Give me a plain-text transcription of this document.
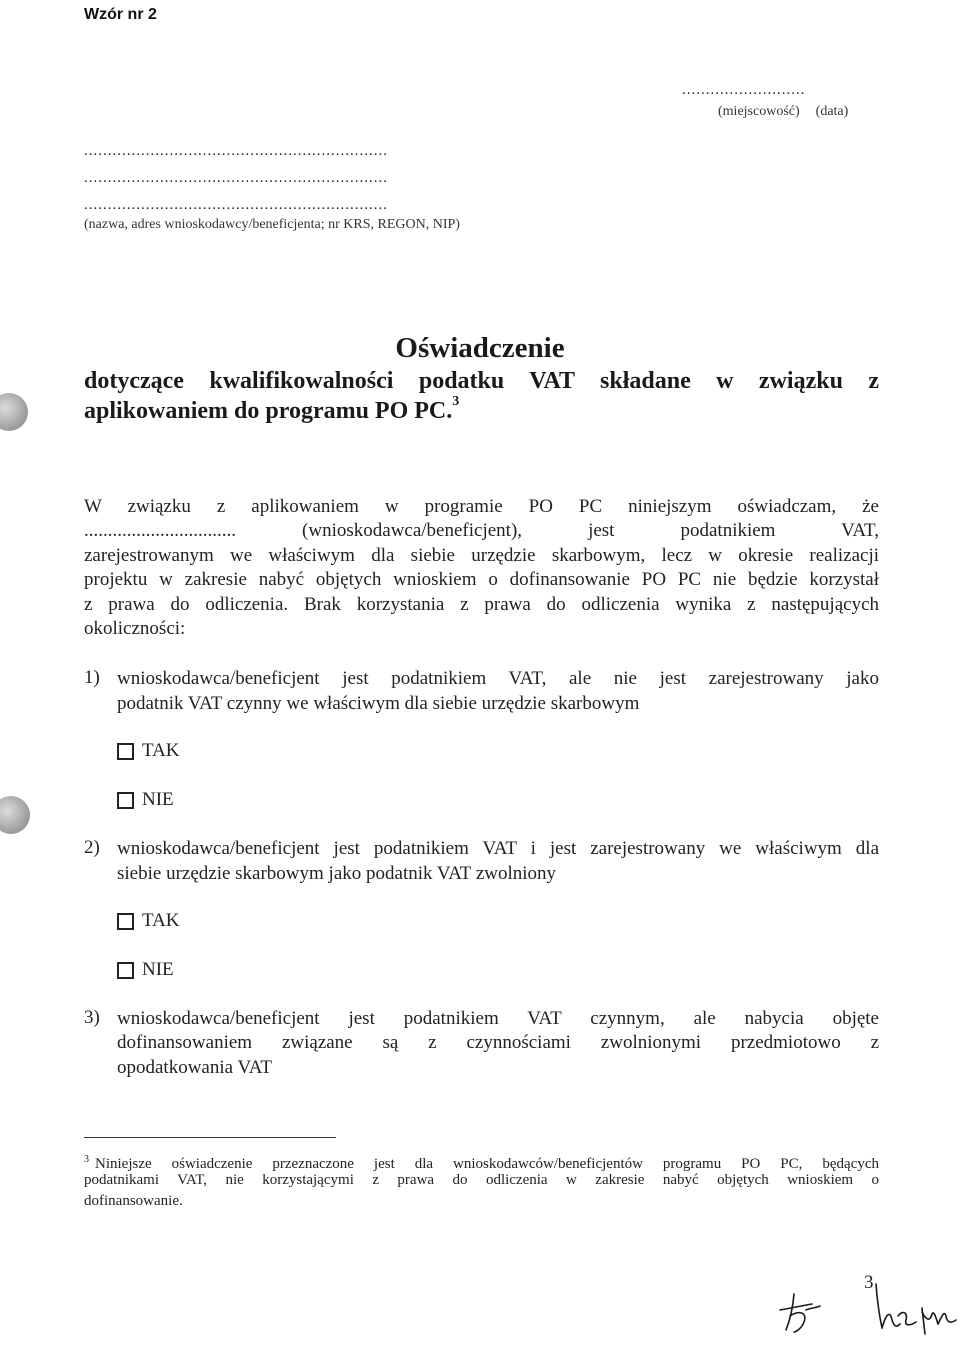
Wzór nr 2
..........................
(miejscowość) (data)
................................................................
................................................................
................................................................
(nazwa, adres wnioskodawcy/beneficjenta; nr KRS, REGON, NIP)
Oświadczenie
dotyczące kwalifikowalności podatku VAT składane w związku z
aplikowaniem do programu PO PC.$^3$
W związku z aplikowaniem w programie PO PC niniejszym oświadczam, że
................................ (wnioskodawca/beneficjent), jest podatnikiem VAT,
zarejestrowanym we właściwym dla siebie urzędzie skarbowym, lecz w okresie realizacji
projektu w zakresie nabyć objętych wnioskiem o dofinansowanie PO PC nie będzie korzystał
z prawa do odliczenia. Brak korzystania z prawa do odliczenia wynika z następujących
okoliczności:
1) wnioskodawca/beneficjent jest podatnikiem VAT, ale nie jest zarejestrowany jako
podatnik VAT czynny we właściwym dla siebie urzędzie skarbowym
TAK
NIE
2) wnioskodawca/beneficjent jest podatnikiem VAT i jest zarejestrowany we właściwym dla
siebie urzędzie skarbowym jako podatnik VAT zwolniony
TAK
NIE
3) wnioskodawca/beneficjent jest podatnikiem VAT czynnym, ale nabycia objęte
dofinansowaniem związane są z czynnościami zwolnionymi przedmiotowo z
opodatkowania VAT
$^3$ Niniejsze oświadczenie przeznaczone jest dla wnioskodawców/beneficjentów programu PO PC, będących
podatnikami VAT, nie korzystającymi z prawa do odliczenia w zakresie nabyć objętych wnioskiem o
dofinansowanie.
3
